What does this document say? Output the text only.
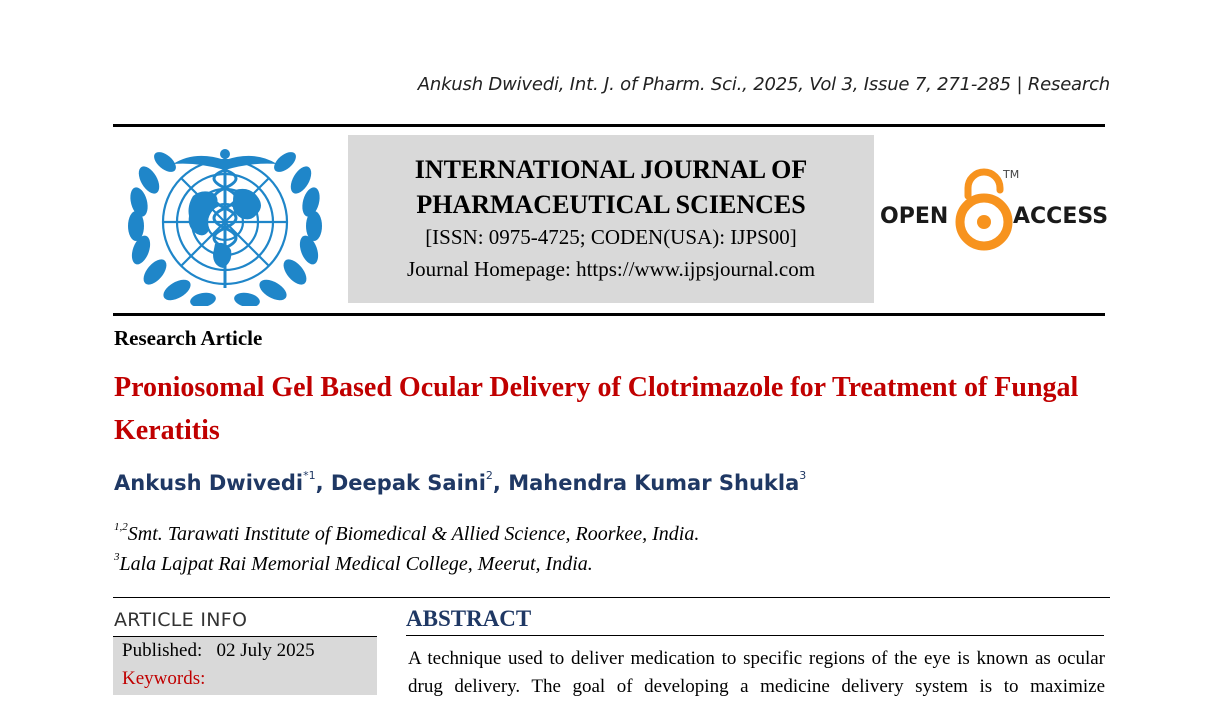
Ankush Dwivedi, Int. J. of Pharm. Sci., 2025, Vol 3, Issue 7, 271-285 | Research
INTERNATIONAL JOURNAL OF
PHARMACEUTICAL SCIENCES
[ISSN: 0975-4725; CODEN(USA): IJPS00]
Journal Homepage: https://www.ijpsjournal.com
OPEN
TM
ACCESS
Research Article
Proniosomal Gel Based Ocular Delivery of Clotrimazole for Treatment of Fungal Keratitis
Ankush Dwivedi$^{*1}$, Deepak Saini$^2$, Mahendra Kumar Shukla$^3$
$^{1,2}$Smt. Tarawati Institute of Biomedical & Allied Science, Roorkee, India.
$^3$Lala Lajpat Rai Memorial Medical College, Meerut, India.
ARTICLE INFO
Published:   02 July 2025
Keywords:
ABSTRACT
A technique used to deliver medication to specific regions of the eye is known as ocular
drug delivery. The goal of developing a medicine delivery system is to maximize
